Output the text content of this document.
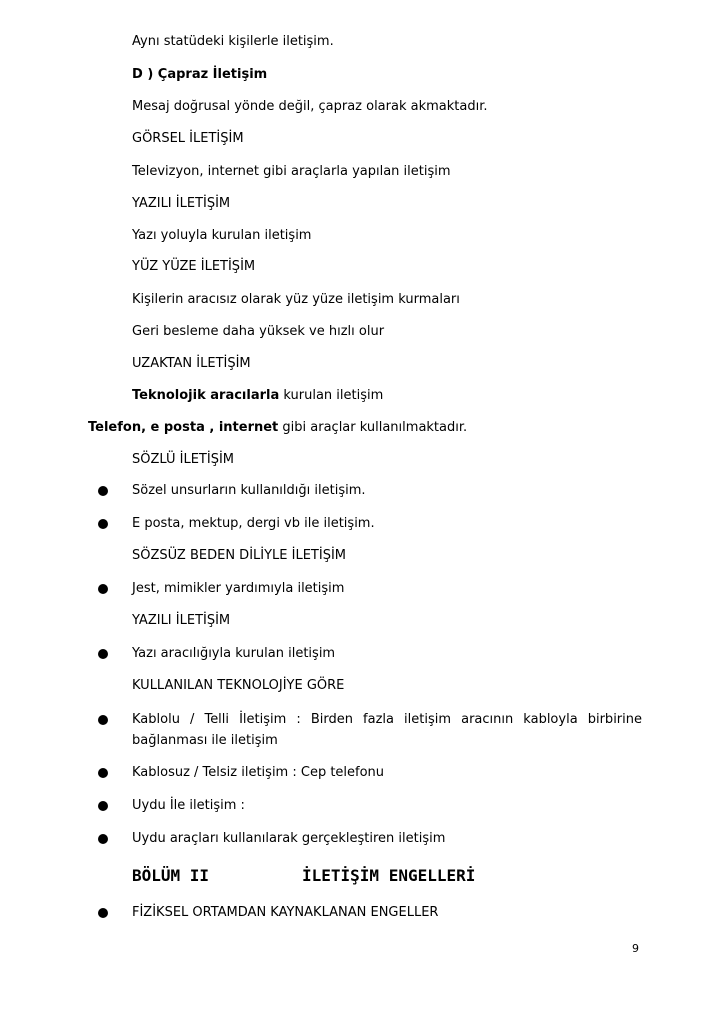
Aynı statüdeki kişilerle iletişim.
D ) Çapraz İletişim
Mesaj doğrusal yönde değil, çapraz olarak akmaktadır.
GÖRSEL İLETİŞİM
Televizyon, internet gibi araçlarla yapılan iletişim
YAZILI İLETİŞİM
Yazı yoluyla kurulan iletişim
YÜZ YÜZE İLETİŞİM
Kişilerin aracısız olarak yüz yüze iletişim kurmaları
Geri besleme daha yüksek ve hızlı olur
UZAKTAN İLETİŞİM
Teknolojik aracılarla kurulan iletişim
Telefon, e posta , internet gibi araçlar kullanılmaktadır.
SÖZLÜ İLETİŞİM
Sözel unsurların kullanıldığı iletişim.
E posta, mektup, dergi vb ile iletişim.
SÖZSÜZ BEDEN DİLİYLE İLETİŞİM
Jest, mimikler yardımıyla iletişim
YAZILI İLETİŞİM
Yazı aracılığıyla kurulan iletişim
KULLANILAN TEKNOLOJİYE GÖRE
Kablolu / Telli İletişim : Birden fazla iletişim aracının kabloyla birbirine
bağlanması ile iletişim
Kablosuz / Telsiz iletişim : Cep telefonu
Uydu İle iletişim :
Uydu araçları kullanılarak gerçekleştiren iletişim
BÖLÜM II	İLETİŞİM ENGELLERİ
FİZİKSEL ORTAMDAN KAYNAKLANAN ENGELLER
9
